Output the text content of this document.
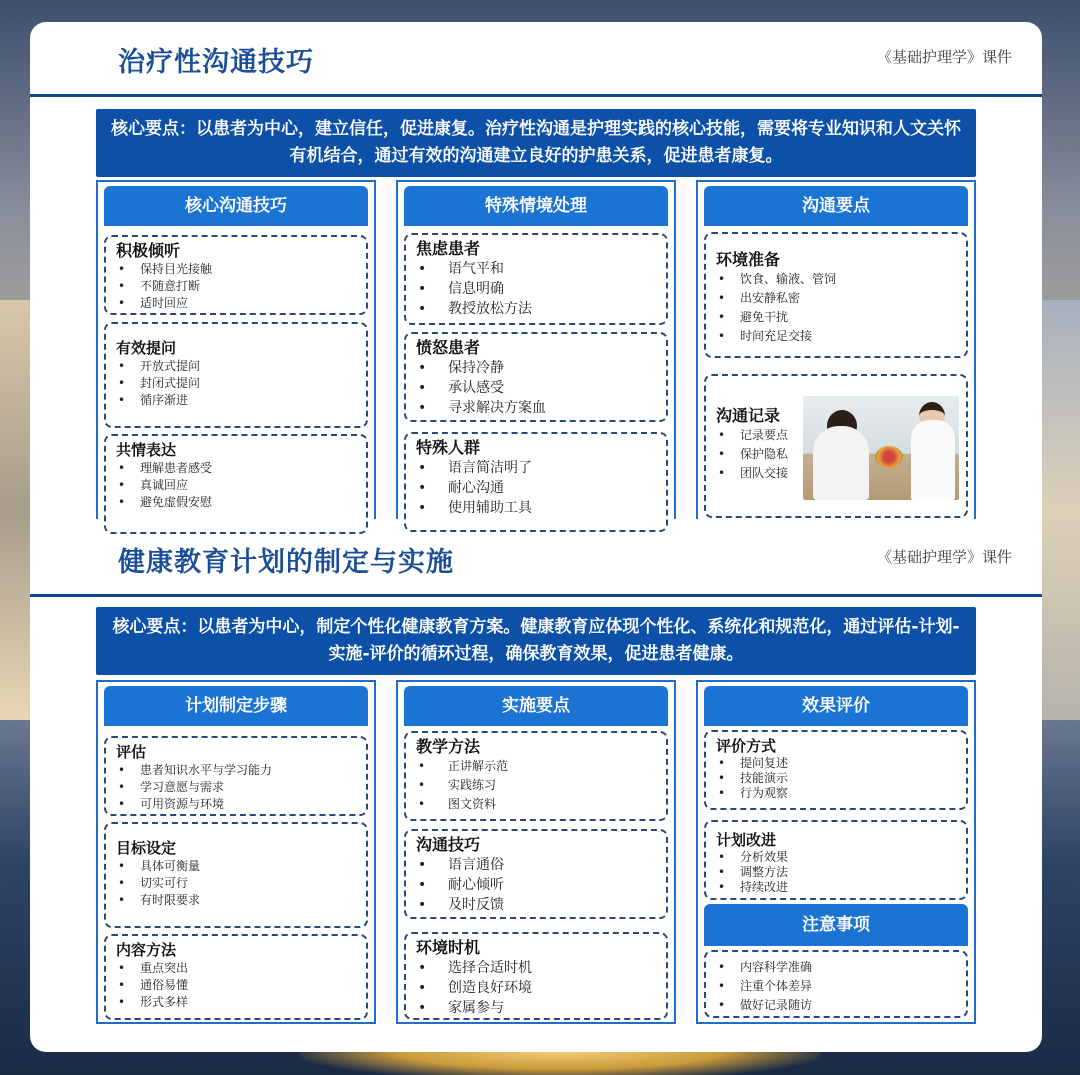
治疗性沟通技巧	《基础护理学》课件
核心要点：以患者为中心，建立信任，促进康复。治疗性沟通是护理实践的核心技能，需要将专业知识和人文关怀有机结合，通过有效的沟通建立良好的护患关系，促进患者康复。
核心沟通技巧
积极倾听
• 保持目光接触
• 不随意打断
• 适时回应
有效提问
• 开放式提问
• 封闭式提问
• 循序渐进
共情表达
• 理解患者感受
• 真诚回应
• 避免虚假安慰
特殊情境处理
焦虑患者
• 语气平和
• 信息明确
• 教授放松方法
愤怒患者
• 保持冷静
• 承认感受
• 寻求解决方案血
特殊人群
• 语言简洁明了
• 耐心沟通
• 使用辅助工具
沟通要点
环境准备
• 饮食、输液、管饲
• 出安静私密
• 避免干扰
• 时间充足交接
沟通记录
• 记录要点
• 保护隐私
• 团队交接
健康教育计划的制定与实施	《基础护理学》课件
核心要点：以患者为中心，制定个性化健康教育方案。健康教育应体现个性化、系统化和规范化，通过评估-计划-实施-评价的循环过程，确保教育效果，促进患者健康。
计划制定步骤
评估
• 患者知识水平与学习能力
• 学习意愿与需求
• 可用资源与环境
目标设定
• 具体可衡量
• 切实可行
• 有时限要求
内容方法
• 重点突出
• 通俗易懂
• 形式多样
实施要点
教学方法
• 正讲解示范
• 实践练习
• 图文资料
沟通技巧
• 语言通俗
• 耐心倾听
• 及时反馈
环境时机
• 选择合适时机
• 创造良好环境
• 家属参与
效果评价
评价方式
• 提问复述
• 技能演示
• 行为观察
计划改进
• 分析效果
• 调整方法
• 持续改进
注意事项
• 内容科学准确
• 注重个体差异
• 做好记录随访
